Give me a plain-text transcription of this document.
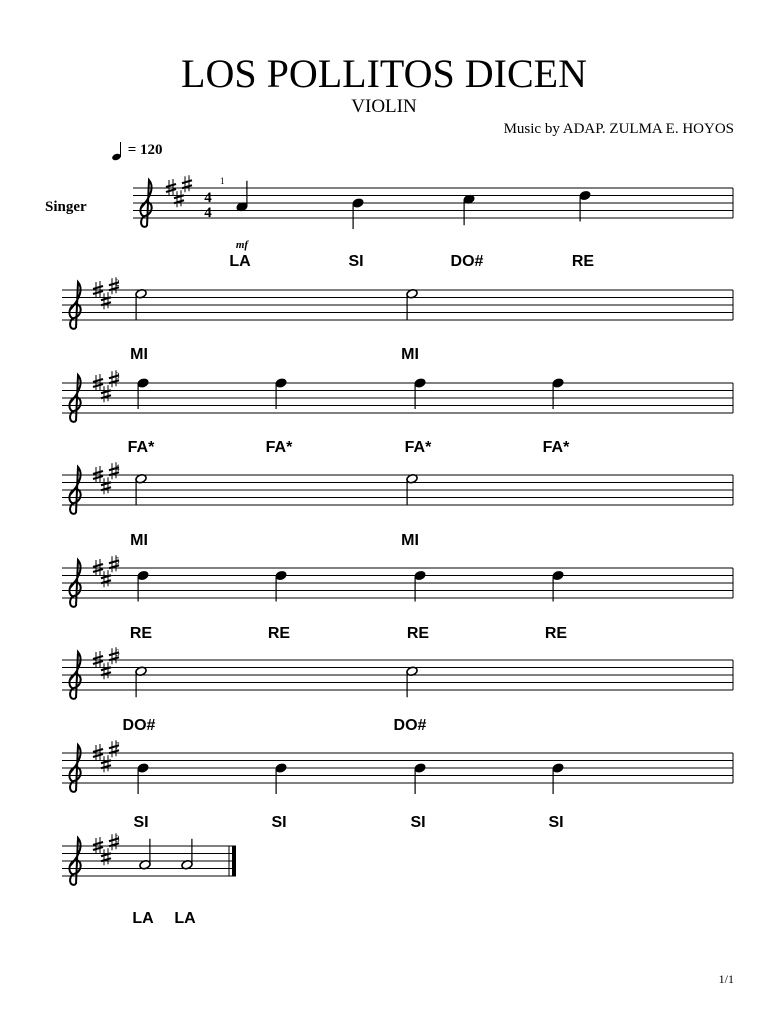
LOS POLLITOS DICEN
VIOLIN
Music by ADAP. ZULMA E. HOYOS
= 120
Singer
1/1
4
4
1
LA	SI	DO#	RE
mf
2
MI	MI
3
FA*	FA*	FA*	FA*
4
MI	MI
5
RE	RE	RE	RE
6
DO#	DO#
7
SI	SI	SI	SI
8
LA LA
